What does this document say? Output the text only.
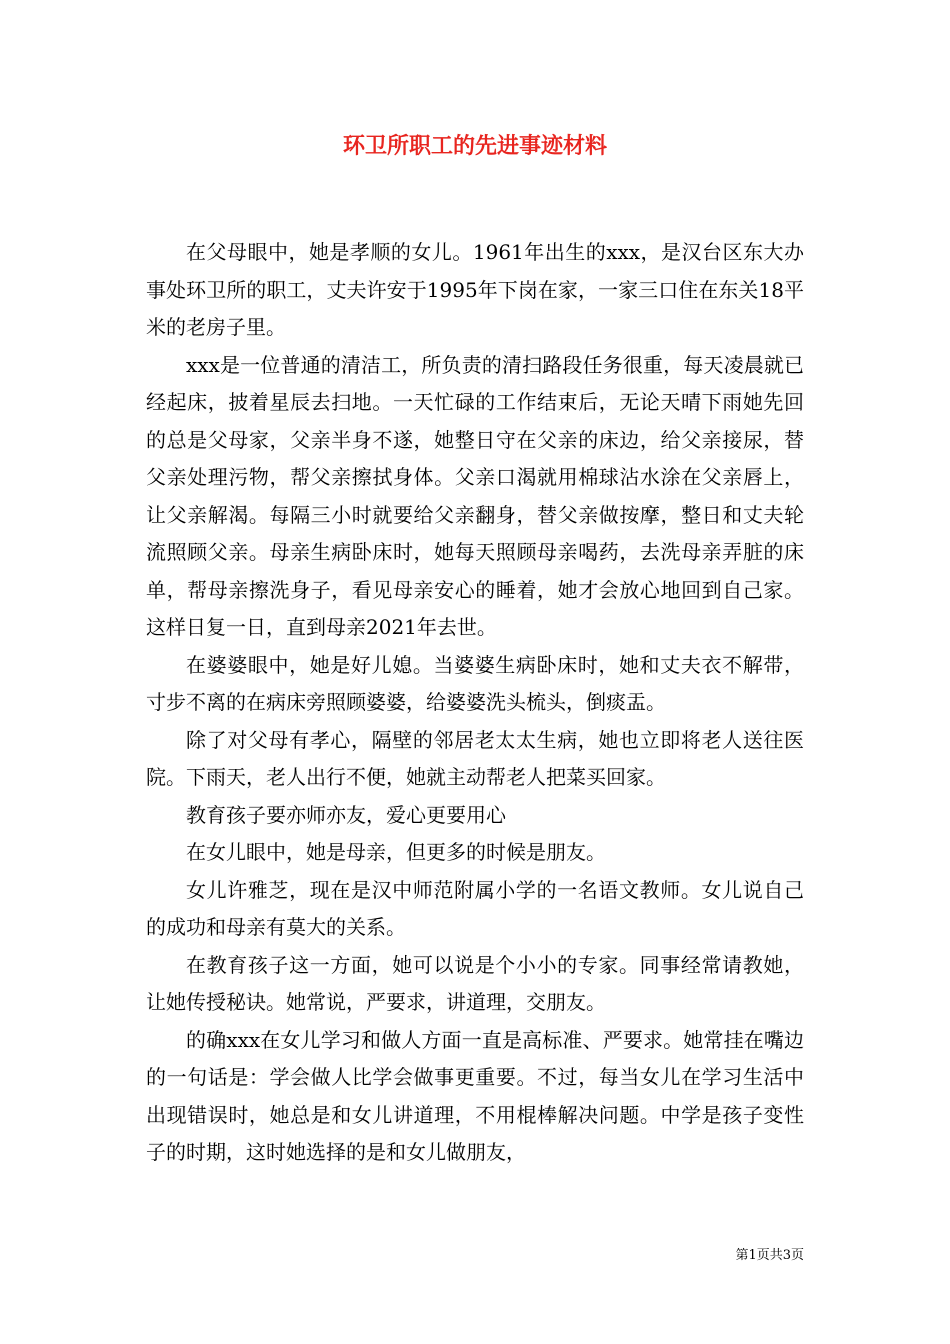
环卫所职工的先进事迹材料

在父母眼中，她是孝顺的女儿。1961年出生的xxx，是汉台区东大办事处环卫所的职工，丈夫许安于1995年下岗在家，一家三口住在东关18平米的老房子里。

xxx是一位普通的清洁工，所负责的清扫路段任务很重，每天凌晨就已经起床，披着星辰去扫地。一天忙碌的工作结束后，无论天晴下雨她先回的总是父母家，父亲半身不遂，她整日守在父亲的床边，给父亲接尿，替父亲处理污物，帮父亲擦拭身体。父亲口渴就用棉球沾水涂在父亲唇上，让父亲解渴。每隔三小时就要给父亲翻身，替父亲做按摩，整日和丈夫轮流照顾父亲。母亲生病卧床时，她每天照顾母亲喝药，去洗母亲弄脏的床单，帮母亲擦洗身子，看见母亲安心的睡着，她才会放心地回到自己家。这样日复一日，直到母亲2021年去世。

在婆婆眼中，她是好儿媳。当婆婆生病卧床时，她和丈夫衣不解带，寸步不离的在病床旁照顾婆婆，给婆婆洗头梳头，倒痰盂。

除了对父母有孝心，隔壁的邻居老太太生病，她也立即将老人送往医院。下雨天，老人出行不便，她就主动帮老人把菜买回家。

教育孩子要亦师亦友，爱心更要用心

在女儿眼中，她是母亲，但更多的时候是朋友。

女儿许雅芝，现在是汉中师范附属小学的一名语文教师。女儿说自己的成功和母亲有莫大的关系。

在教育孩子这一方面，她可以说是个小小的专家。同事经常请教她，让她传授秘诀。她常说，严要求，讲道理，交朋友。

的确xxx在女儿学习和做人方面一直是高标准、严要求。她常挂在嘴边的一句话是：学会做人比学会做事更重要。不过，每当女儿在学习生活中出现错误时，她总是和女儿讲道理，不用棍棒解决问题。中学是孩子变性子的时期，这时她选择的是和女儿做朋友，

第1页共3页
